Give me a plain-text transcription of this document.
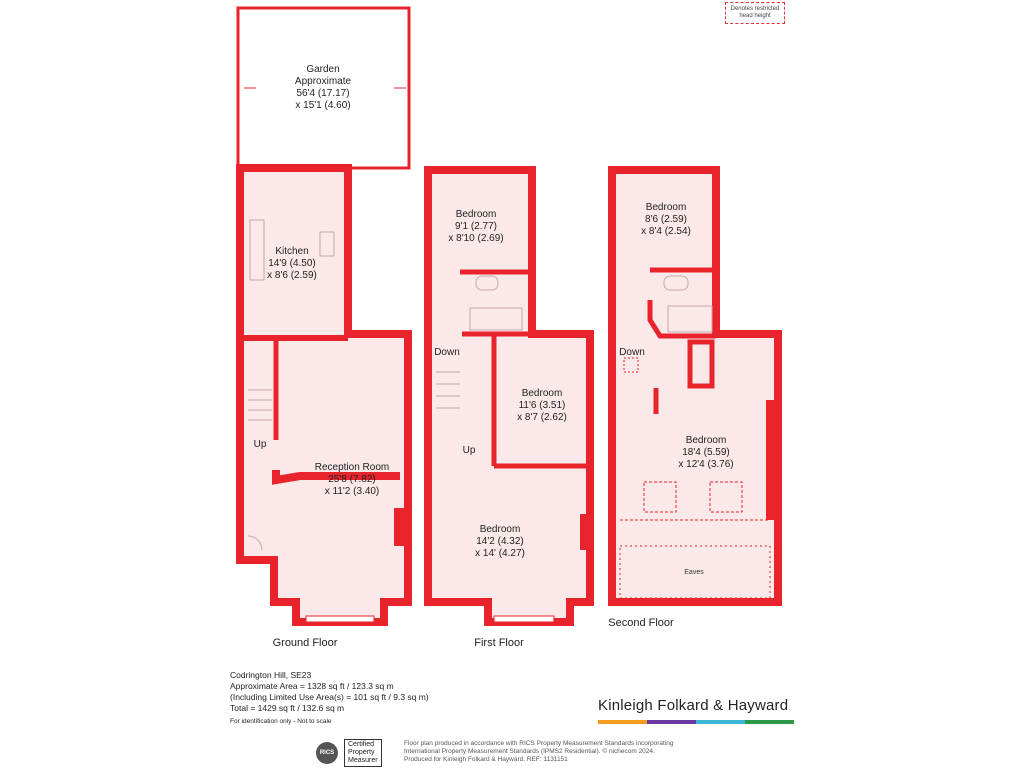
Denotes restricted
head height
Garden
Approximate
56'4 (17.17)
x 15'1 (4.60)
Kitchen
14'9 (4.50)
x 8'6 (2.59)
Reception Room
25'8 (7.82)
x 11'2 (3.40)
Up
Ground Floor
Bedroom
9'1 (2.77)
x 8'10 (2.69)
Bedroom
11'6 (3.51)
x 8'7 (2.62)
Bedroom
14'2 (4.32)
x 14' (4.27)
Down
Up
First Floor
Bedroom
8'6 (2.59)
x 8'4 (2.54)
Bedroom
18'4 (5.59)
x 12'4 (3.76)
Down
Eaves
Second Floor
Codrington Hill, SE23
Approximate Area = 1328 sq ft / 123.3 sq m
(Including Limited Use Area(s) = 101 sq ft / 9.3 sq m)
Total = 1429 sq ft / 132.6 sq m
For identification only - Not to scale
Kinleigh Folkard & Hayward
RICS
Certified
Property
Measurer
Floor plan produced in accordance with RICS Property Measurement Standards incorporating
International Property Measurement Standards (IPMS2 Residential). © nichecom 2024.
Produced for Kinleigh Folkard & Hayward. REF: 1131151
